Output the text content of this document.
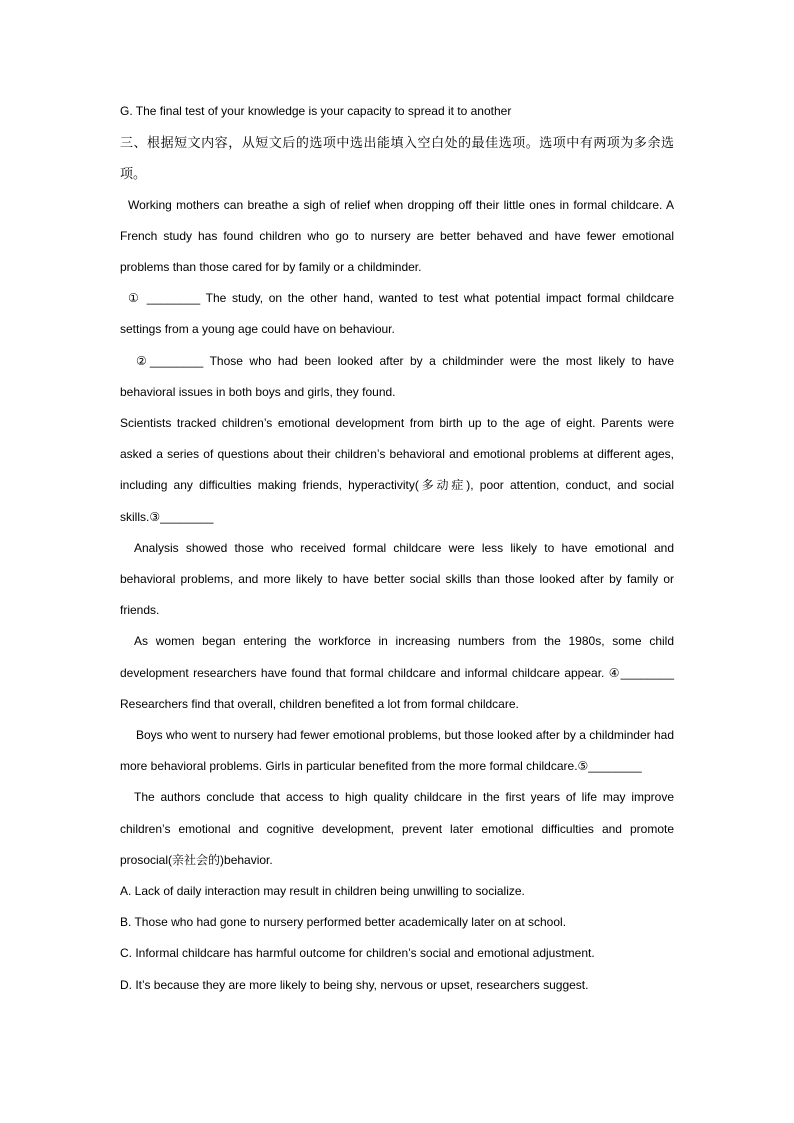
G. The final test of your knowledge is your capacity to spread it to another

三、根据短文内容，从短文后的选项中选出能填入空白处的最佳选项。选项中有两项为多余选项。

Working mothers can breathe a sigh of relief when dropping off their little ones in formal childcare. A French study has found children who go to nursery are better behaved and have fewer emotional problems than those cared for by family or a childminder.

① ________ The study, on the other hand, wanted to test what potential impact formal childcare settings from a young age could have on behaviour.

②________ Those who had been looked after by a childminder were the most likely to have behavioral issues in both boys and girls, they found.

Scientists tracked children’s emotional development from birth up to the age of eight. Parents were asked a series of questions about their children’s behavioral and emotional problems at different ages, including any difficulties making friends, hyperactivity(多动症), poor attention, conduct, and social skills.③________

Analysis showed those who received formal childcare were less likely to have emotional and behavioral problems, and more likely to have better social skills than those looked after by family or friends.

As women began entering the workforce in increasing numbers from the 1980s, some child development researchers have found that formal childcare and informal childcare appear. ④________ Researchers find that overall, children benefited a lot from formal childcare.

Boys who went to nursery had fewer emotional problems, but those looked after by a childminder had more behavioral problems. Girls in particular benefited from the more formal childcare.⑤________

The authors conclude that access to high quality childcare in the first years of life may improve children’s emotional and cognitive development, prevent later emotional difficulties and promote prosocial(亲社会的)behavior.

A. Lack of daily interaction may result in children being unwilling to socialize.

B. Those who had gone to nursery performed better academically later on at school.

C. Informal childcare has harmful outcome for children’s social and emotional adjustment.

D. It’s because they are more likely to being shy, nervous or upset, researchers suggest.
